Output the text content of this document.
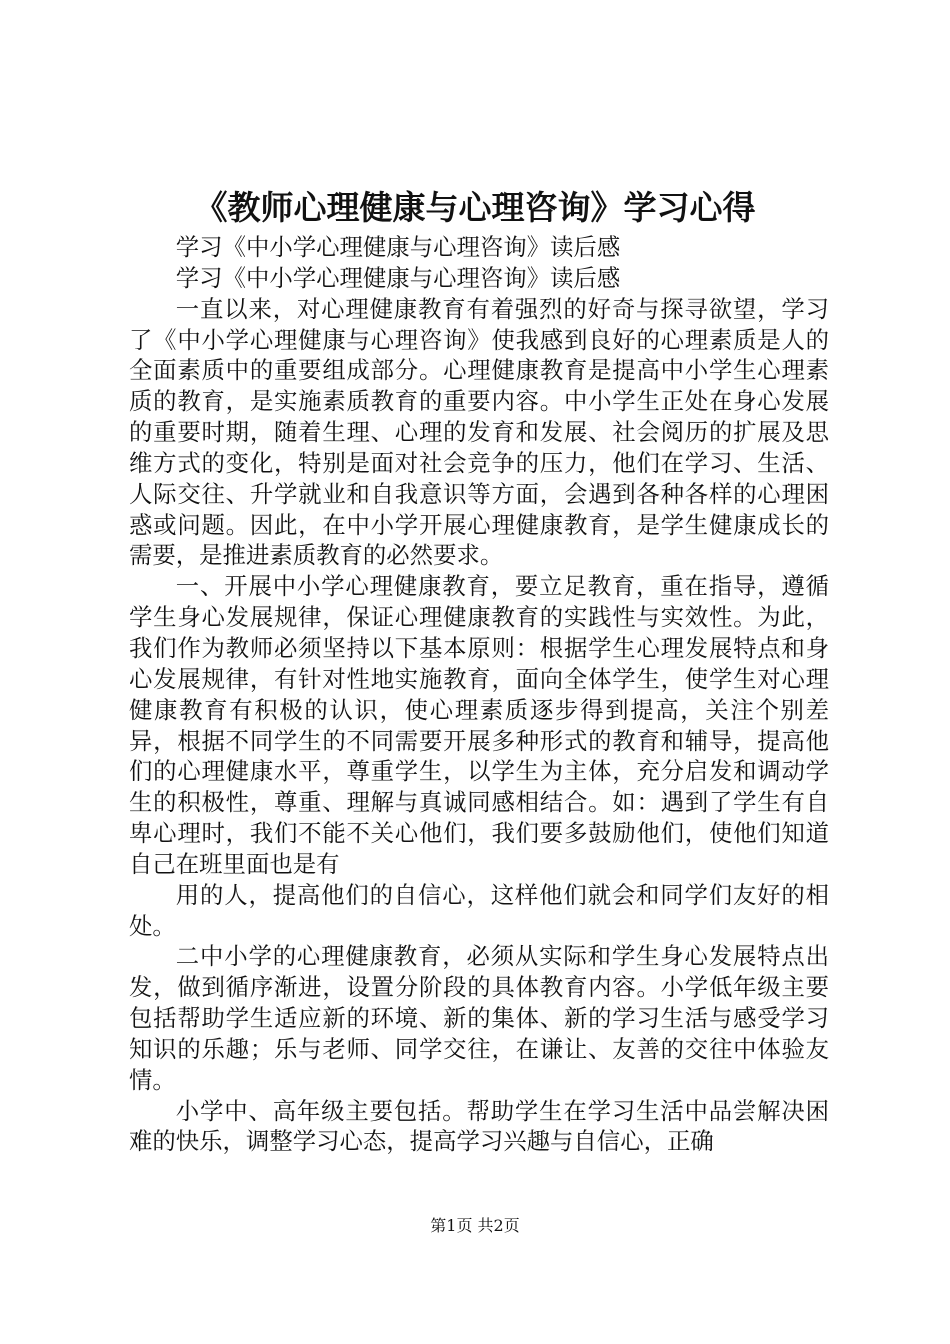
《教师心理健康与心理咨询》学习心得

学习《中小学心理健康与心理咨询》读后感

学习《中小学心理健康与心理咨询》读后感

一直以来，对心理健康教育有着强烈的好奇与探寻欲望，学习了《中小学心理健康与心理咨询》使我感到良好的心理素质是人的全面素质中的重要组成部分。心理健康教育是提高中小学生心理素质的教育，是实施素质教育的重要内容。中小学生正处在身心发展的重要时期，随着生理、心理的发育和发展、社会阅历的扩展及思维方式的变化，特别是面对社会竞争的压力，他们在学习、生活、人际交往、升学就业和自我意识等方面，会遇到各种各样的心理困惑或问题。因此，在中小学开展心理健康教育，是学生健康成长的需要，是推进素质教育的必然要求。

一、开展中小学心理健康教育，要立足教育，重在指导，遵循学生身心发展规律，保证心理健康教育的实践性与实效性。为此，我们作为教师必须坚持以下基本原则：根据学生心理发展特点和身心发展规律，有针对性地实施教育，面向全体学生，使学生对心理健康教育有积极的认识，使心理素质逐步得到提高，关注个别差异，根据不同学生的不同需要开展多种形式的教育和辅导，提高他们的心理健康水平，尊重学生，以学生为主体，充分启发和调动学生的积极性，尊重、理解与真诚同感相结合。如：遇到了学生有自卑心理时，我们不能不关心他们，我们要多鼓励他们，使他们知道自己在班里面也是有

用的人，提高他们的自信心，这样他们就会和同学们友好的相处。

二中小学的心理健康教育，必须从实际和学生身心发展特点出发，做到循序渐进，设置分阶段的具体教育内容。小学低年级主要包括帮助学生适应新的环境、新的集体、新的学习生活与感受学习知识的乐趣；乐与老师、同学交往，在谦让、友善的交往中体验友情。

小学中、高年级主要包括。帮助学生在学习生活中品尝解决困难的快乐，调整学习心态，提高学习兴趣与自信心，正确

第1页 共2页
